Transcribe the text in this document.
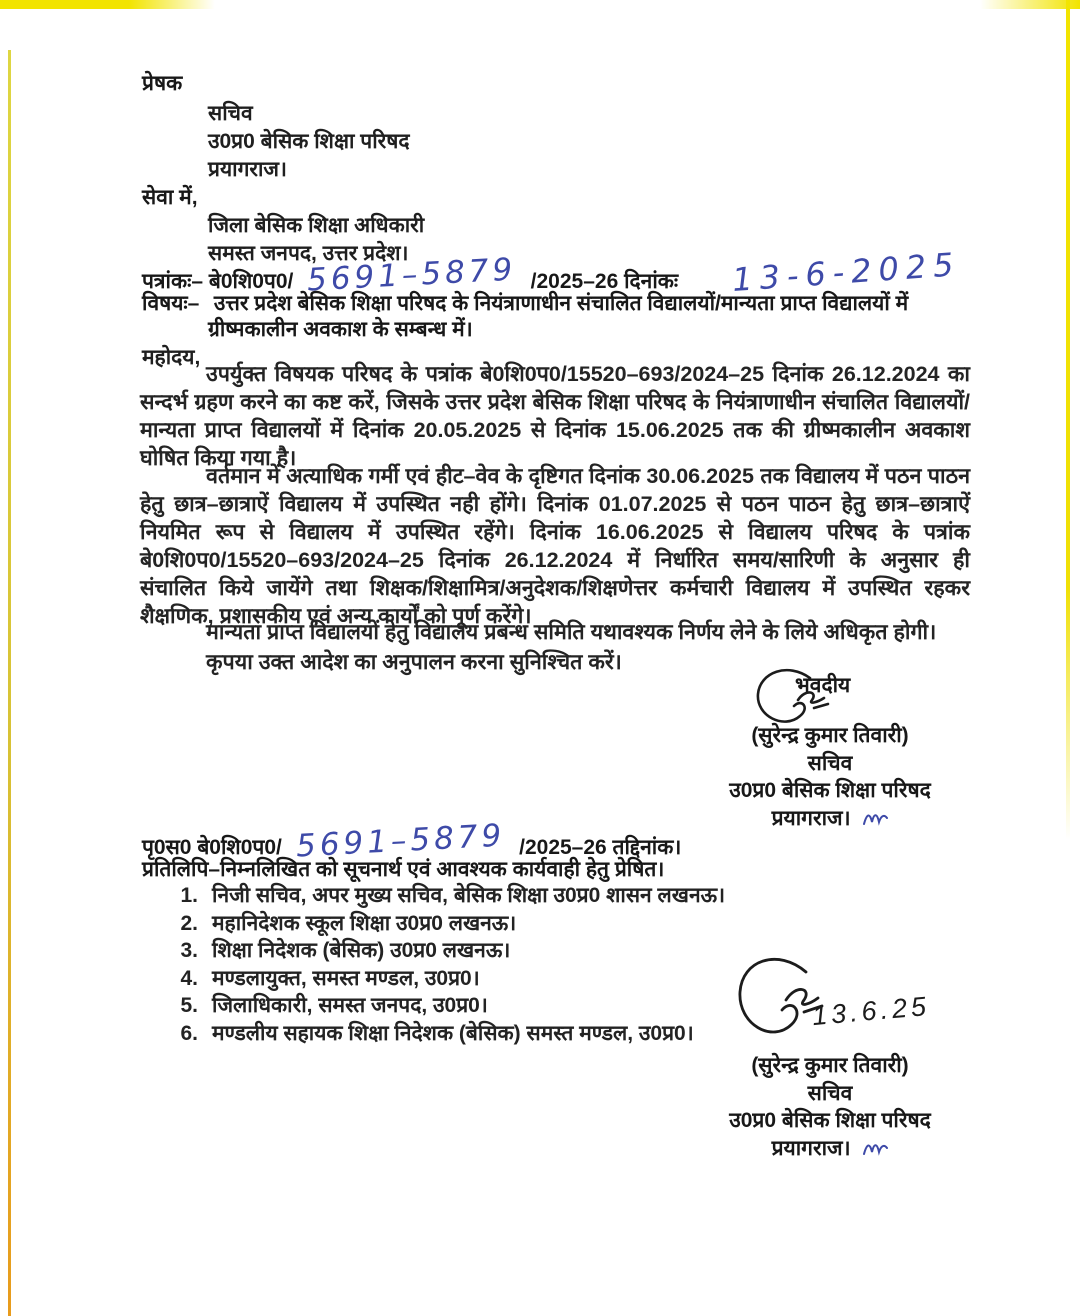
प्रेषक
सचिव
उ0प्र0 बेसिक शिक्षा परिषद
प्रयागराज।
सेवा में,
जिला बेसिक शिक्षा अधिकारी
समस्त जनपद, उत्तर प्रदेश।
पत्रांकः– बे0शि0प0/ 5691–5879 /2025–26 दिनांकः 13-6-2025
विषयः– उत्तर प्रदेश बेसिक शिक्षा परिषद के नियंत्राणाधीन संचालित विद्यालयों/मान्यता प्राप्त विद्यालयों में
ग्रीष्मकालीन अवकाश के सम्बन्ध में।
महोदय,
उपर्युक्त विषयक परिषद के पत्रांक बे0शि0प0/15520–693/2024–25 दिनांक 26.12.2024 का सन्दर्भ ग्रहण करने का कष्ट करें, जिसके उत्तर प्रदेश बेसिक शिक्षा परिषद के नियंत्राणाधीन संचालित विद्यालयों/मान्यता प्राप्त विद्यालयों में दिनांक 20.05.2025 से दिनांक 15.06.2025 तक की ग्रीष्मकालीन अवकाश घोषित किया गया है।
वर्तमान में अत्याधिक गर्मी एवं हीट–वेव के दृष्टिगत दिनांक 30.06.2025 तक विद्यालय में पठन पाठन हेतु छात्र–छात्राऐं विद्यालय में उपस्थित नही होंगे। दिनांक 01.07.2025 से पठन पाठन हेतु छात्र–छात्राऐं नियमित रूप से विद्यालय में उपस्थित रहेंगे। दिनांक 16.06.2025 से विद्यालय परिषद के पत्रांक बे0शि0प0/15520–693/2024–25 दिनांक 26.12.2024 में निर्धारित समय/सारिणी के अनुसार ही संचालित किये जायेंगे तथा शिक्षक/शिक्षामित्र/अनुदेशक/शिक्षणेत्तर कर्मचारी विद्यालय में उपस्थित रहकर शैक्षणिक, प्रशासकीय एवं अन्य कार्यों को पूर्ण करेंगे।
मान्यता प्राप्त विद्यालयों हेतु विद्यालय प्रबन्ध समिति यथावश्यक निर्णय लेने के लिये अधिकृत होगी।
कृपया उक्त आदेश का अनुपालन करना सुनिश्चित करें।
भवदीय
(सुरेन्द्र कुमार तिवारी)
सचिव
उ0प्र0 बेसिक शिक्षा परिषद
प्रयागराज।
पृ0स0 बे0शि0प0/ 5691–5879 /2025–26 तद्दिनांक।
प्रतिलिपि–निम्नलिखित को सूचनार्थ एवं आवश्यक कार्यवाही हेतु प्रेषित।
1. निजी सचिव, अपर मुख्य सचिव, बेसिक शिक्षा उ0प्र0 शासन लखनऊ।
2. महानिदेशक स्कूल शिक्षा उ0प्र0 लखनऊ।
3. शिक्षा निदेशक (बेसिक) उ0प्र0 लखनऊ।
4. मण्डलायुक्त, समस्त मण्डल, उ0प्र0।
5. जिलाधिकारी, समस्त जनपद, उ0प्र0।
6. मण्डलीय सहायक शिक्षा निदेशक (बेसिक) समस्त मण्डल, उ0प्र0।
13.6.25
(सुरेन्द्र कुमार तिवारी)
सचिव
उ0प्र0 बेसिक शिक्षा परिषद
प्रयागराज।
